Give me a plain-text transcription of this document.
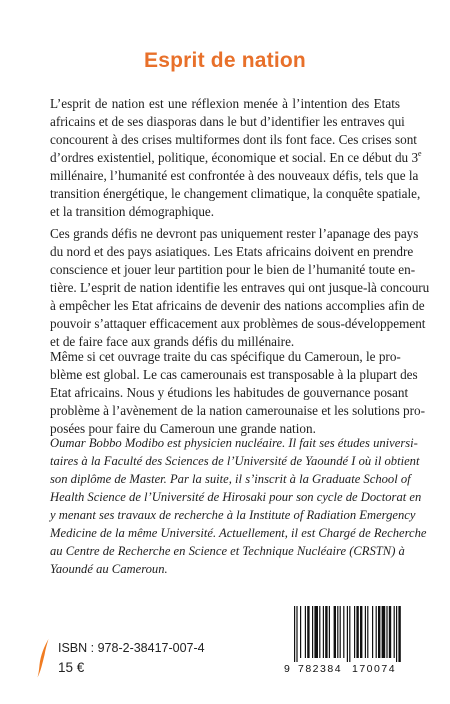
Esprit de nation

L’esprit de nation est une réflexion menée à l’intention des Etats
africains et de ses diasporas dans le but d’identifier les entraves qui
concourent à des crises multiformes dont ils font face. Ces crises sont
d’ordres existentiel, politique, économique et social. En ce début du 3e
millénaire, l’humanité est confrontée à des nouveaux défis, tels que la
transition énergétique, le changement climatique, la conquête spatiale,
et la transition démographique.

Ces grands défis ne devront pas uniquement rester l’apanage des pays
du nord et des pays asiatiques. Les Etats africains doivent en prendre
conscience et jouer leur partition pour le bien de l’humanité toute en-
tière. L’esprit de nation identifie les entraves qui ont jusque-là concouru
à empêcher les Etat africains de devenir des nations accomplies afin de
pouvoir s’attaquer efficacement aux problèmes de sous-développement
et de faire face aux grands défis du millénaire.

Même si cet ouvrage traite du cas spécifique du Cameroun, le pro-
blème est global. Le cas camerounais est transposable à la plupart des
Etat africains. Nous y étudions les habitudes de gouvernance posant
problème à l’avènement de la nation camerounaise et les solutions pro-
posées pour faire du Cameroun une grande nation.

Oumar Bobbo Modibo est physicien nucléaire. Il fait ses études universi-
taires à la Faculté des Sciences de l’Université de Yaoundé I où il obtient
son diplôme de Master. Par la suite, il s’inscrit à la Graduate School of
Health Science de l’Université de Hirosaki pour son cycle de Doctorat en
y menant ses travaux de recherche à la Institute of Radiation Emergency
Medicine de la même Université. Actuellement, il est Chargé de Recherche
au Centre de Recherche en Science et Technique Nucléaire (CRSTN) à
Yaoundé au Cameroun.

ISBN : 978-2-38417-007-4
15 €	9 782384 170074
